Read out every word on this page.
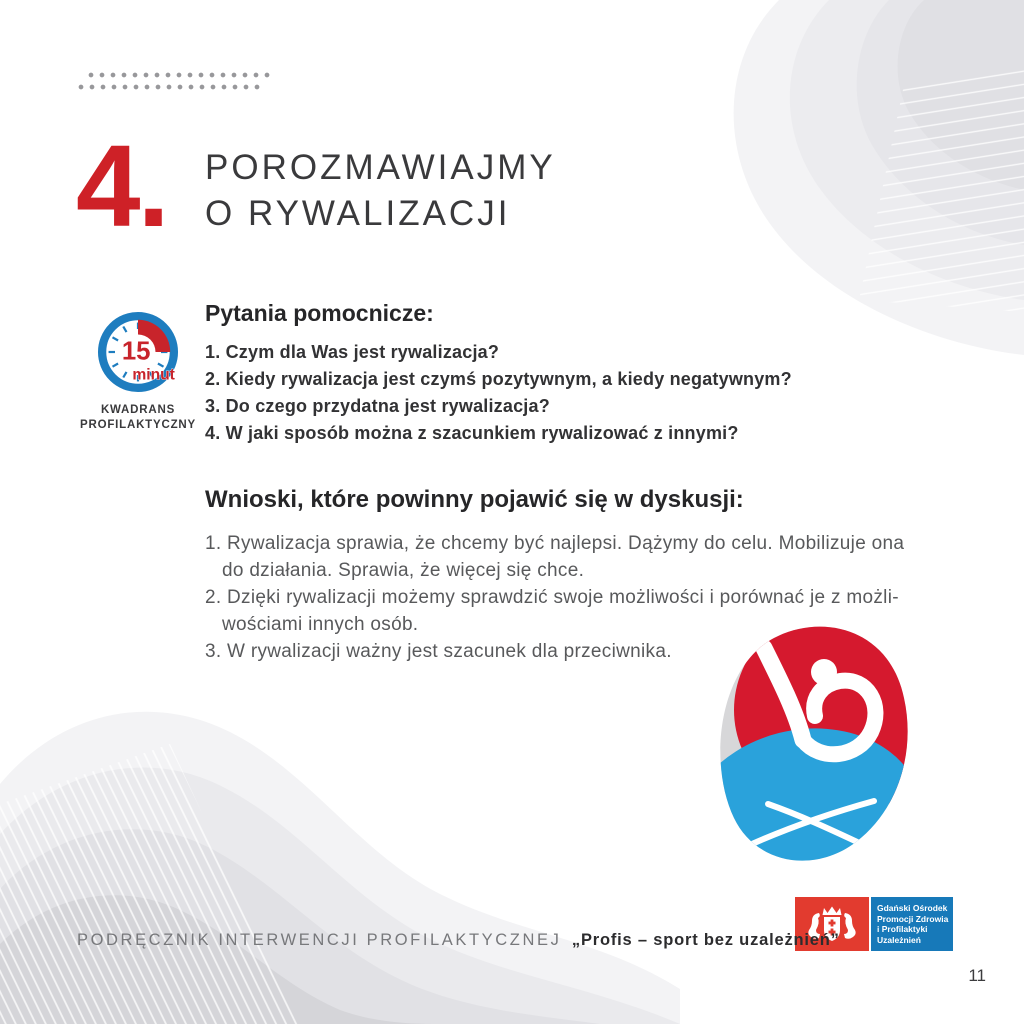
4. POROZMAWIAJMY
O RYWALIZACJI
15
minut
KWADRANS
PROFILAKTYCZNY
Pytania pomocnicze:
1. Czym dla Was jest rywalizacja?
2. Kiedy rywalizacja jest czymś pozytywnym, a kiedy negatywnym?
3. Do czego przydatna jest rywalizacja?
4. W jaki sposób można z szacunkiem rywalizować z innymi?
Wnioski, które powinny pojawić się w dyskusji:
1. Rywalizacja sprawia, że chcemy być najlepsi. Dążymy do celu. Mobilizuje ona
do działania. Sprawia, że więcej się chce.
2. Dzięki rywalizacji możemy sprawdzić swoje możliwości i porównać je z możli-
wościami innych osób.
3. W rywalizacji ważny jest szacunek dla przeciwnika.
Gdański Ośrodek
Promocji Zdrowia
i Profilaktyki
Uzależnień
PODRĘCZNIK INTERWENCJI PROFILAKTYCZNEJ „Profis – sport bez uzależnień”
11
